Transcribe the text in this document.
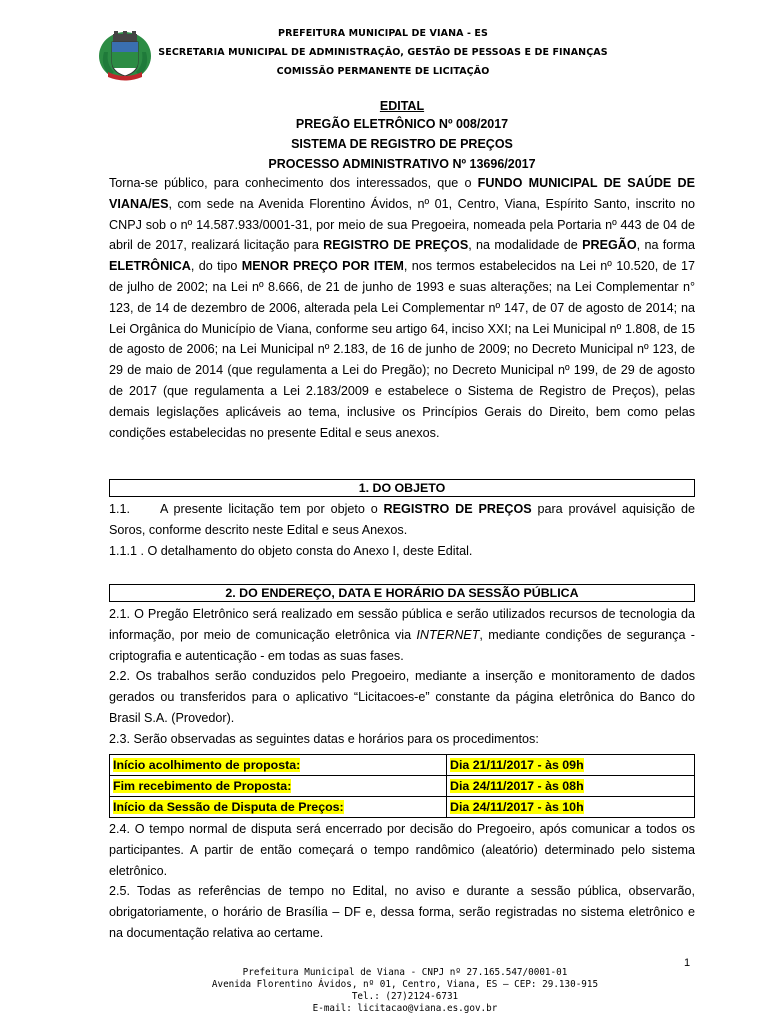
PREFEITURA MUNICIPAL DE VIANA - ES
SECRETARIA MUNICIPAL DE ADMINISTRAÇÃO, GESTÃO DE PESSOAS E DE FINANÇAS
COMISSÃO PERMANENTE DE LICITAÇÃO
EDITAL
PREGÃO ELETRÔNICO Nº 008/2017
SISTEMA DE REGISTRO DE PREÇOS
PROCESSO ADMINISTRATIVO Nº 13696/2017
Torna-se público, para conhecimento dos interessados, que o FUNDO MUNICIPAL DE SAÚDE DE VIANA/ES, com sede na Avenida Florentino Ávidos, nº 01, Centro, Viana, Espírito Santo, inscrito no CNPJ sob o nº 14.587.933/0001-31, por meio de sua Pregoeira, nomeada pela Portaria nº 443 de 04 de abril de 2017, realizará licitação para REGISTRO DE PREÇOS, na modalidade de PREGÃO, na forma ELETRÔNICA, do tipo MENOR PREÇO POR ITEM, nos termos estabelecidos na Lei nº 10.520, de 17 de julho de 2002; na Lei nº 8.666, de 21 de junho de 1993 e suas alterações; na Lei Complementar n° 123, de 14 de dezembro de 2006, alterada pela Lei Complementar nº 147, de 07 de agosto de 2014; na Lei Orgânica do Município de Viana, conforme seu artigo 64, inciso XXI; na Lei Municipal nº 1.808, de 15 de agosto de 2006; na Lei Municipal nº 2.183, de 16 de junho de 2009; no Decreto Municipal nº 123, de 29 de maio de 2014 (que regulamenta a Lei do Pregão); no Decreto Municipal nº 199, de 29 de agosto de 2017 (que regulamenta a Lei 2.183/2009 e estabelece o Sistema de Registro de Preços), pelas demais legislações aplicáveis ao tema, inclusive os Princípios Gerais do Direito, bem como pelas condições estabelecidas no presente Edital e seus anexos.
1. DO OBJETO
1.1. A presente licitação tem por objeto o REGISTRO DE PREÇOS para provável aquisição de Soros, conforme descrito neste Edital e seus Anexos.
1.1.1 . O detalhamento do objeto consta do Anexo I, deste Edital.
2. DO ENDEREÇO, DATA E HORÁRIO DA SESSÃO PÚBLICA
2.1. O Pregão Eletrônico será realizado em sessão pública e serão utilizados recursos de tecnologia da informação, por meio de comunicação eletrônica via INTERNET, mediante condições de segurança - criptografia e autenticação - em todas as suas fases.
2.2. Os trabalhos serão conduzidos pelo Pregoeiro, mediante a inserção e monitoramento de dados gerados ou transferidos para o aplicativo “Licitacoes-e” constante da página eletrônica do Banco do Brasil S.A. (Provedor).
2.3. Serão observadas as seguintes datas e horários para os procedimentos:
Início acolhimento de proposta:	Dia 21/11/2017 - às 09h
Fim recebimento de Proposta:	Dia 24/11/2017 - às 08h
Início da Sessão de Disputa de Preços:	Dia 24/11/2017 - às 10h
2.4. O tempo normal de disputa será encerrado por decisão do Pregoeiro, após comunicar a todos os participantes. A partir de então começará o tempo randômico (aleatório) determinado pelo sistema eletrônico.
2.5. Todas as referências de tempo no Edital, no aviso e durante a sessão pública, observarão, obrigatoriamente, o horário de Brasília – DF e, dessa forma, serão registradas no sistema eletrônico e na documentação relativa ao certame.
1
Prefeitura Municipal de Viana - CNPJ nº 27.165.547/0001-01
Avenida Florentino Ávidos, nº 01, Centro, Viana, ES – CEP: 29.130-915
Tel.: (27)2124-6731
E-mail: licitacao@viana.es.gov.br
